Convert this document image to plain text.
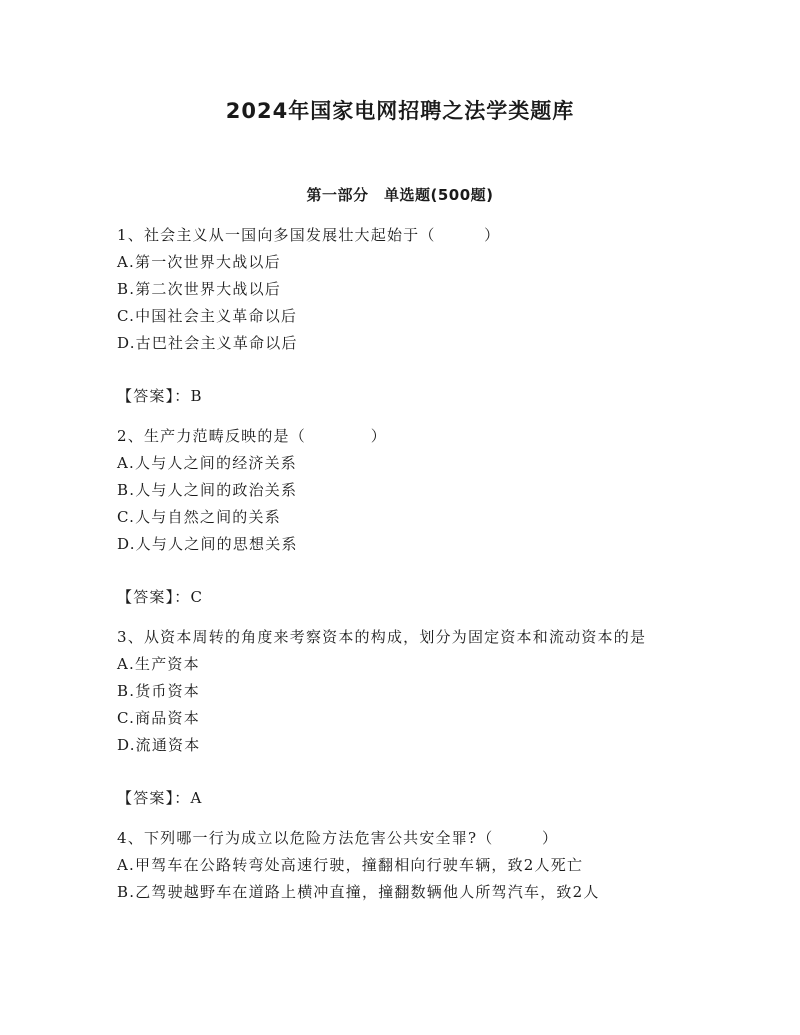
2024年国家电网招聘之法学类题库
第一部分　单选题(500题)

1、社会主义从一国向多国发展壮大起始于（　　　）

A.第一次世界大战以后

B.第二次世界大战以后

C.中国社会主义革命以后

D.古巴社会主义革命以后

【答案】：B

2、生产力范畴反映的是（　　　　）

A.人与人之间的经济关系

B.人与人之间的政治关系

C.人与自然之间的关系

D.人与人之间的思想关系

【答案】：C

3、从资本周转的角度来考察资本的构成，划分为固定资本和流动资本的是

A.生产资本

B.货币资本

C.商品资本

D.流通资本

【答案】：A

4、下列哪一行为成立以危险方法危害公共安全罪?（　　　）

A.甲驾车在公路转弯处高速行驶，撞翻相向行驶车辆，致2人死亡

B.乙驾驶越野车在道路上横冲直撞，撞翻数辆他人所驾汽车，致2人
